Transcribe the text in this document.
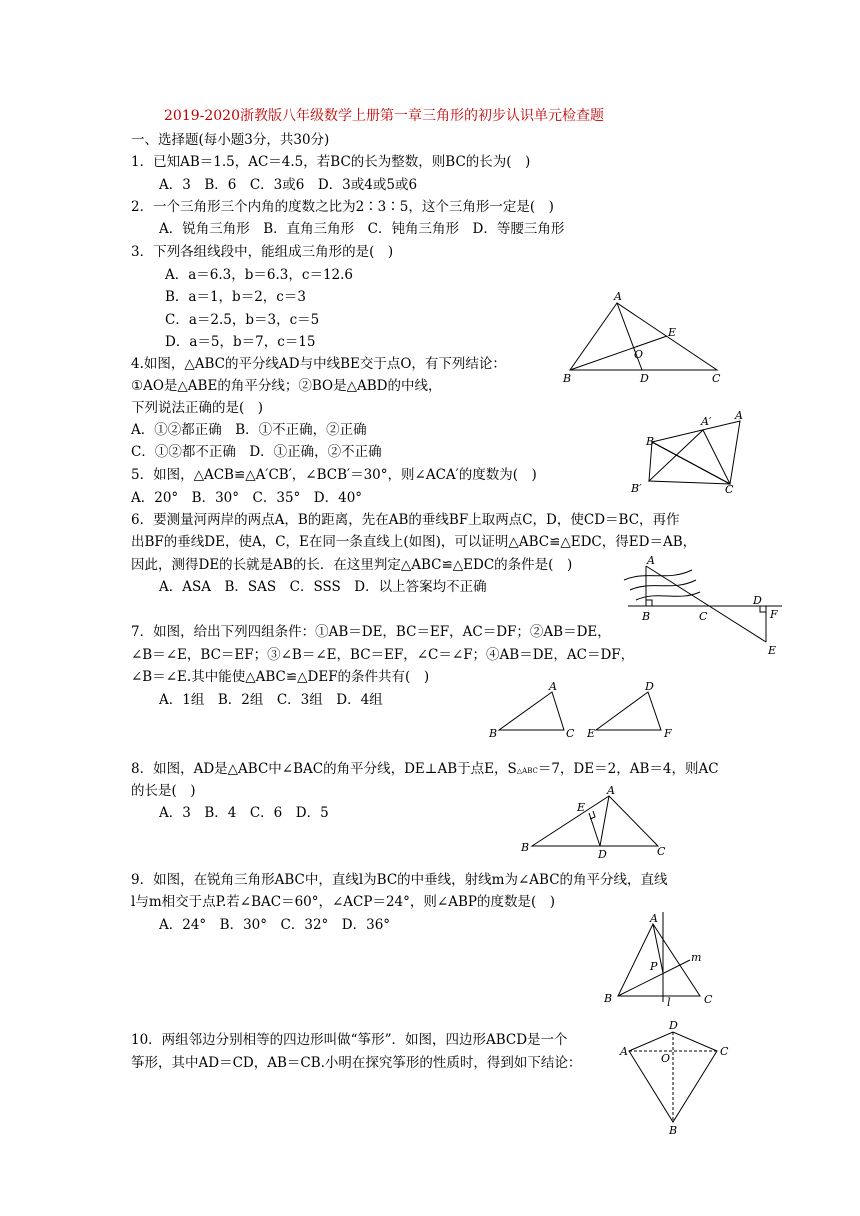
2019-2020浙教版八年级数学上册第一章三角形的初步认识单元检查题
一、选择题(每小题3分，共30分)
1．已知AB＝1.5，AC＝4.5，若BC的长为整数，则BC的长为(　)
A．3　B．6　C．3或6　D．3或4或5或6
2．一个三角形三个内角的度数之比为2∶3∶5，这个三角形一定是(　)
A．锐角三角形　B．直角三角形　C．钝角三角形　D．等腰三角形
3．下列各组线段中，能组成三角形的是(　)
A．a＝6.3，b＝6.3，c＝12.6
B．a＝1，b＝2，c＝3
C．a＝2.5，b＝3，c＝5
D．a＝5，b＝7，c＝15
4.如图，△ABC的平分线AD与中线BE交于点O，有下列结论：
①AO是△ABE的角平分线；②BO是△ABD的中线，
下列说法正确的是(　)
A．①②都正确　B．①不正确，②正确
C．①②都不正确　D．①正确，②不正确
A
B	C
D
E
O
5．如图，△ACB≌△A′CB′，∠BCB′＝30°，则∠ACA′的度数为(　)
A．20°　B．30°　C．35°　D．40°
A
A′
B
B′	C
6．要测量河两岸的两点A，B的距离，先在AB的垂线BF上取两点C，D，使CD＝BC，再作
出BF的垂线DE，使A，C，E在同一条直线上(如图)，可以证明△ABC≌△EDC，得ED＝AB，
因此，测得DE的长就是AB的长．在这里判定△ABC≌△EDC的条件是(　)
A．ASA　B．SAS　C．SSS　D．以上答案均不正确
A
B	C
D
F
E
7．如图，给出下列四组条件：①AB＝DE，BC＝EF，AC＝DF；②AB＝DE，
∠B＝∠E，BC＝EF；③∠B＝∠E，BC＝EF，∠C＝∠F；④AB＝DE，AC＝DF，
∠B＝∠E.其中能使△ABC≌△DEF的条件共有(　)
A．1组　B．2组　C．3组　D．4组
A
B	C
D
E	F
8．如图，AD是△ABC中∠BAC的角平分线，DE⊥AB于点E，S△ABC＝7，DE＝2，AB＝4，则AC
的长是(　)
A．3　B．4　C．6　D．5
A
B	C
D
E
9．如图，在锐角三角形ABC中，直线l为BC的中垂线，射线m为∠ABC的角平分线，直线
l与m相交于点P.若∠BAC＝60°，∠ACP＝24°，则∠ABP的度数是(　)
A．24°　B．30°　C．32°　D．36°	A
B	C
P
m
l
10．两组邻边分别相等的四边形叫做“筝形”．如图，四边形ABCD是一个
筝形，其中AD＝CD，AB＝CB.小明在探究筝形的性质时，得到如下结论：
D
A	C
O
B
